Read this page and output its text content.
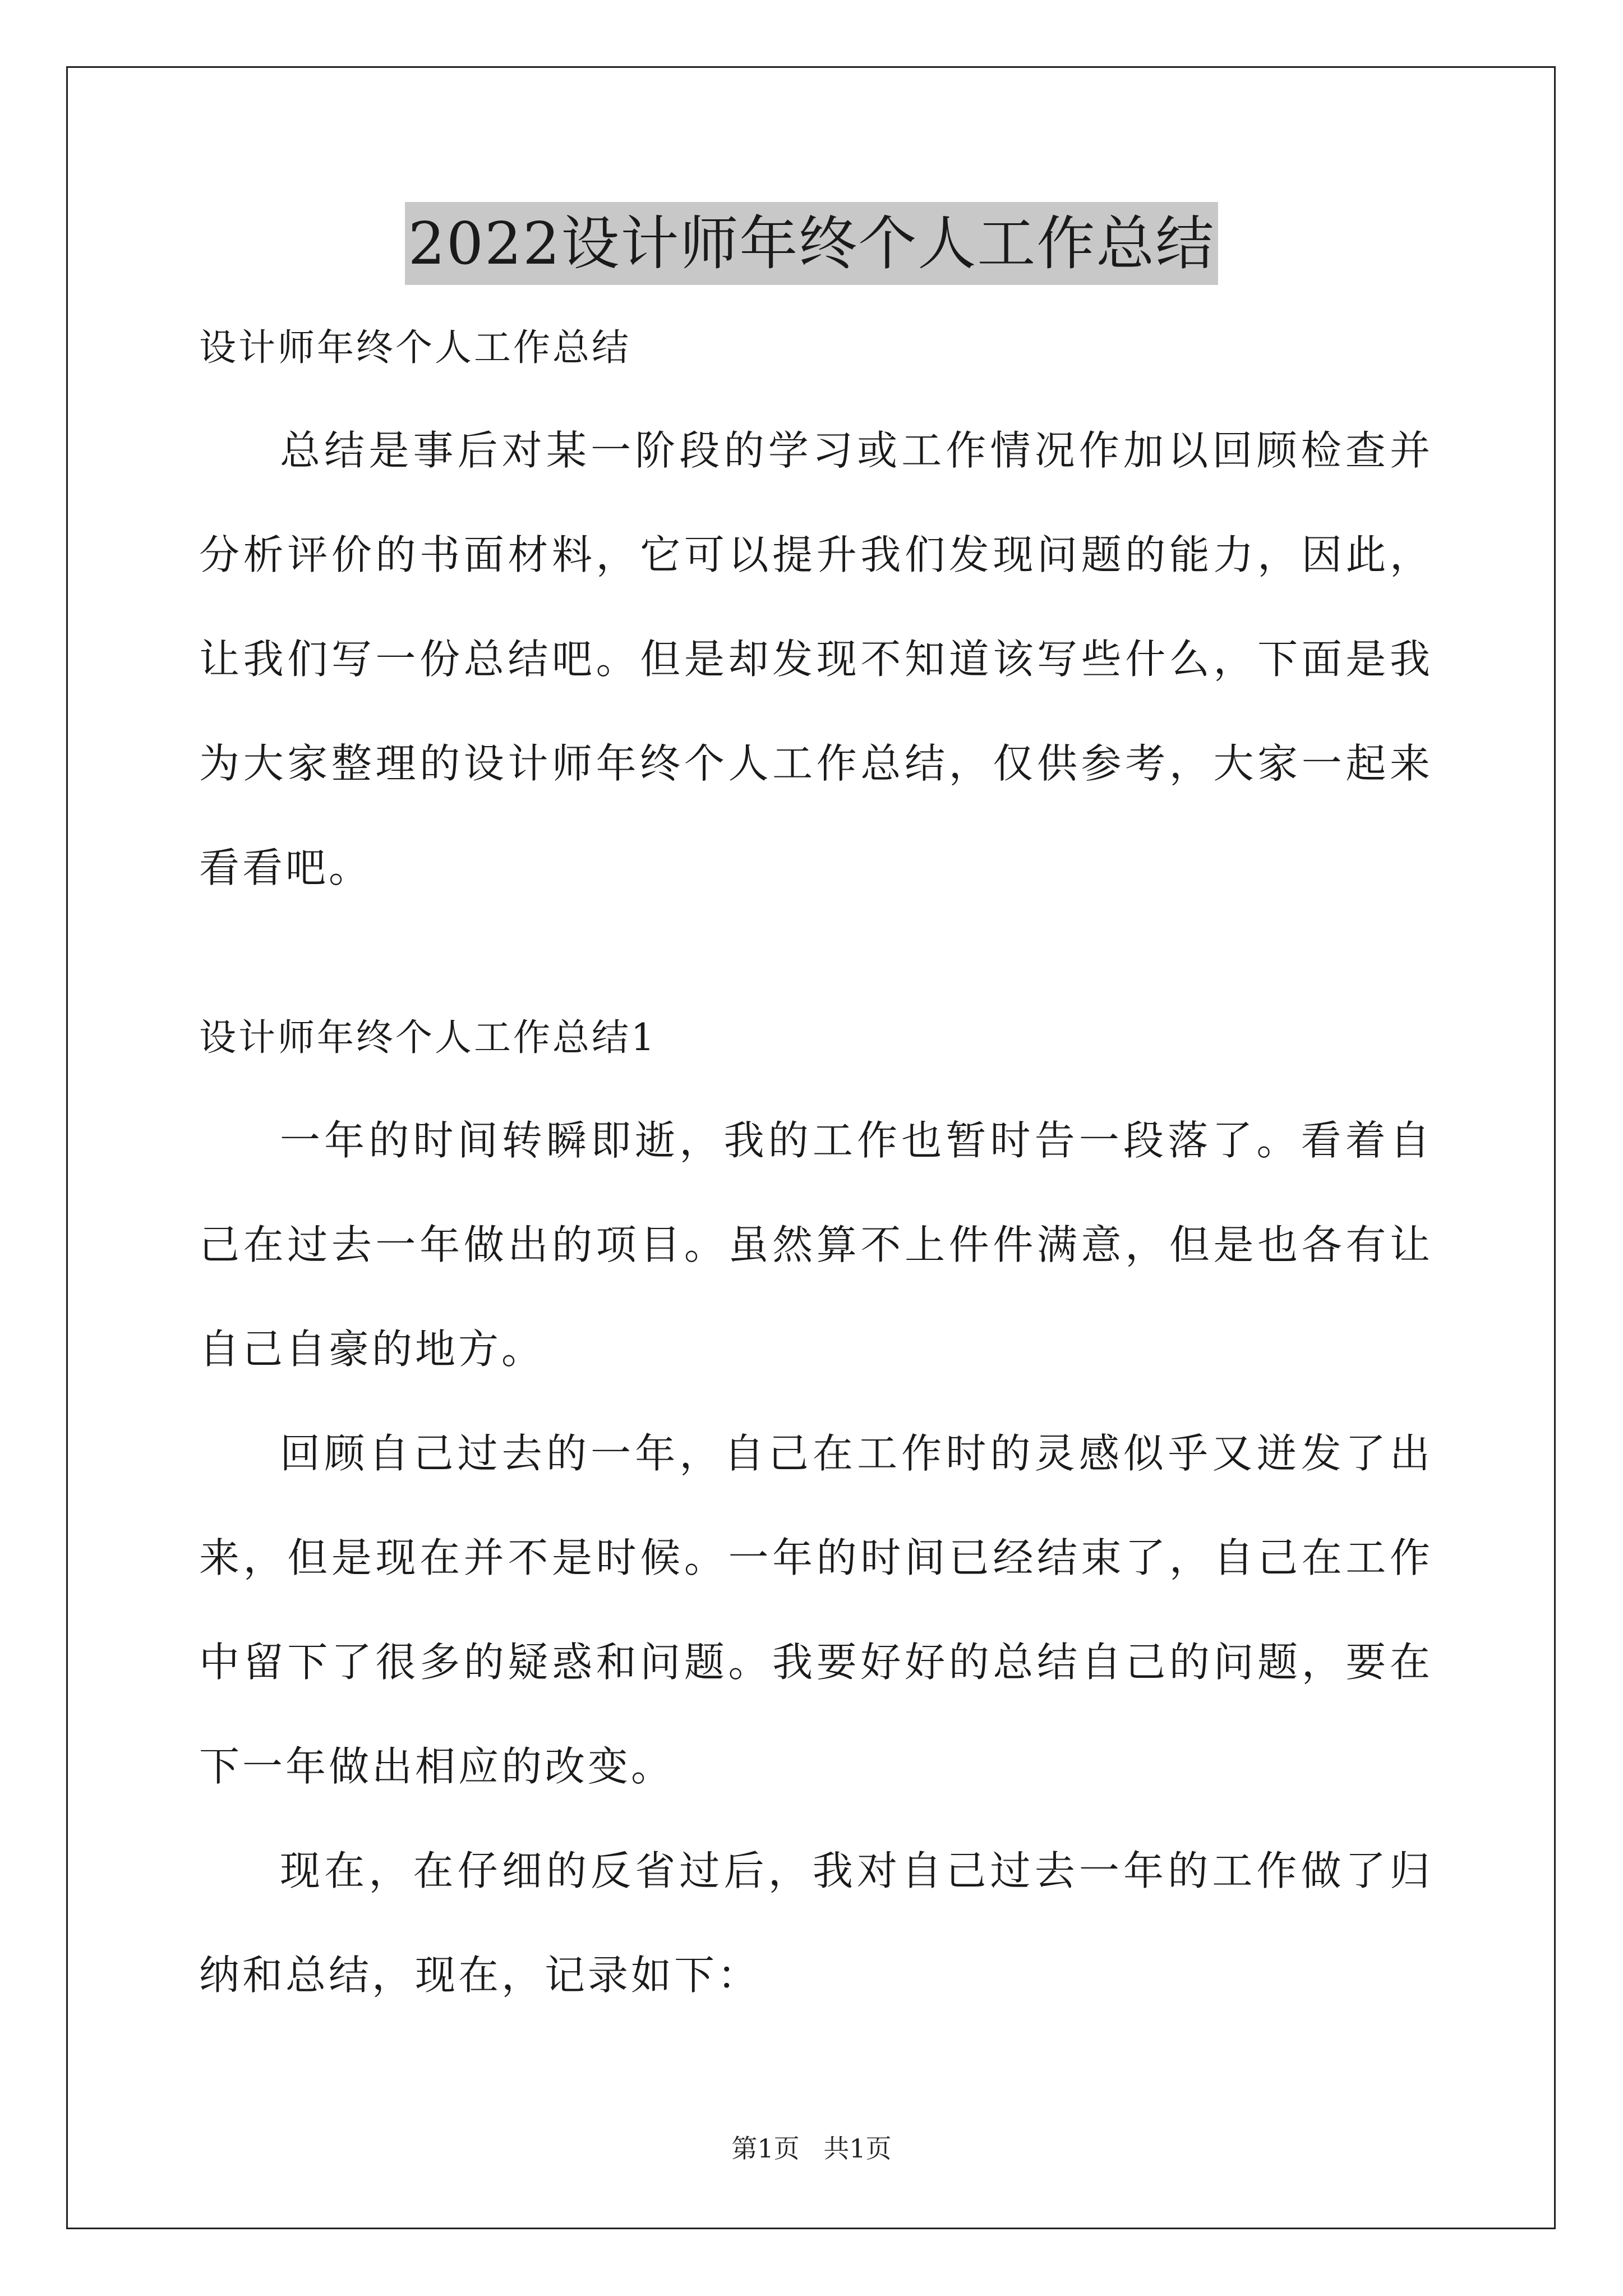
2022设计师年终个人工作总结

设计师年终个人工作总结

总结是事后对某一阶段的学习或工作情况作加以回顾检查并分析评价的书面材料，它可以提升我们发现问题的能力，因此，让我们写一份总结吧。但是却发现不知道该写些什么，下面是我为大家整理的设计师年终个人工作总结，仅供参考，大家一起来看看吧。

设计师年终个人工作总结1

一年的时间转瞬即逝，我的工作也暂时告一段落了。看着自己在过去一年做出的项目。虽然算不上件件满意，但是也各有让自己自豪的地方。

回顾自己过去的一年，自己在工作时的灵感似乎又迸发了出来，但是现在并不是时候。一年的时间已经结束了，自己在工作中留下了很多的疑惑和问题。我要好好的总结自己的问题，要在下一年做出相应的改变。

现在，在仔细的反省过后，我对自己过去一年的工作做了归纳和总结，现在，记录如下：

第1页 共1页
